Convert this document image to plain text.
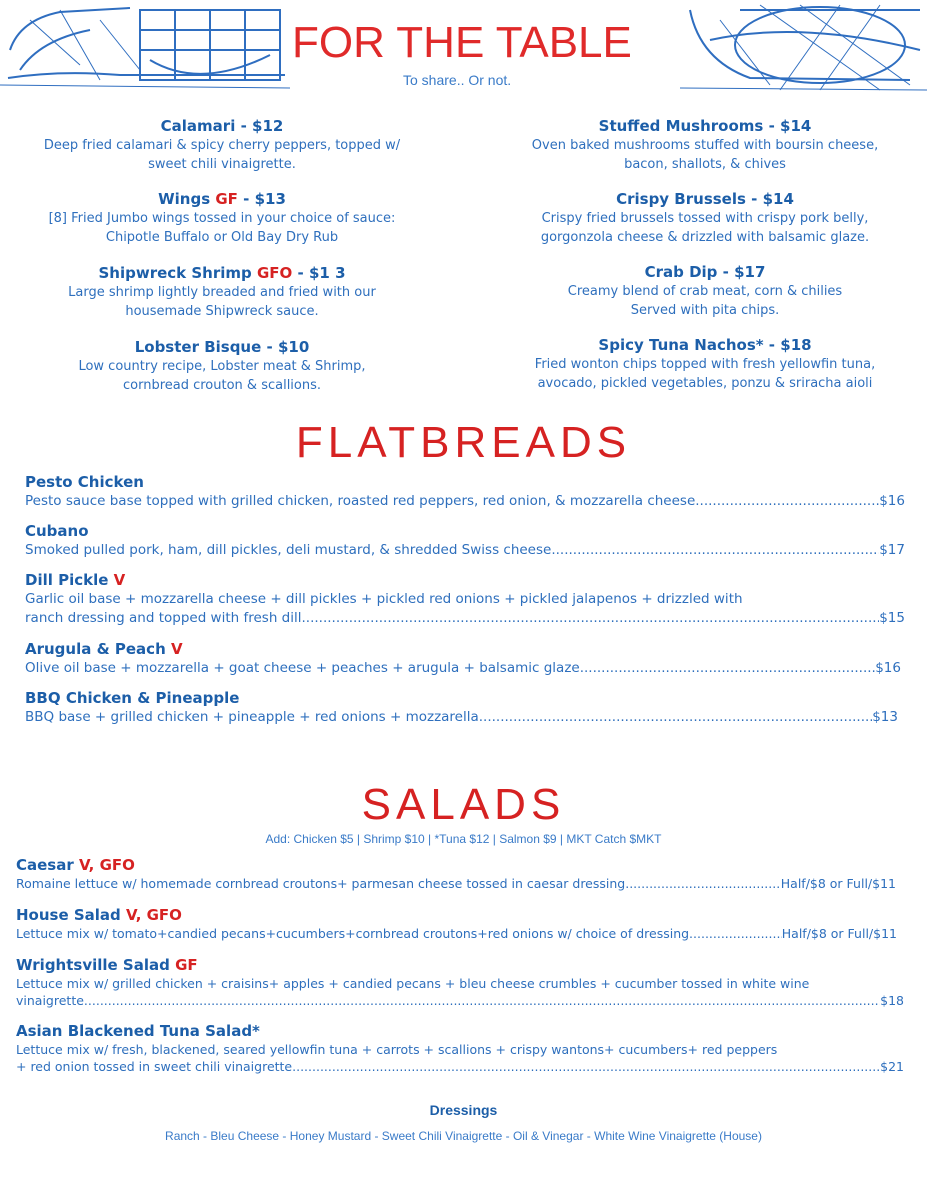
FOR THE TABLE
To share.. Or not.
Calamari - $12
Deep fried calamari & spicy cherry peppers, topped w/
sweet chili vinaigrette.
Wings GF - $13
[8] Fried Jumbo wings tossed in your choice of sauce:
Chipotle Buffalo or Old Bay Dry Rub
Shipwreck Shrimp GFO - $1 3
Large shrimp lightly breaded and fried with our
housemade Shipwreck sauce.
Lobster Bisque - $10
Low country recipe, Lobster meat & Shrimp,
cornbread crouton & scallions.
Stuffed Mushrooms - $14
Oven baked mushrooms stuffed with boursin cheese,
bacon, shallots, & chives
Crispy Brussels - $14
Crispy fried brussels tossed with crispy pork belly,
gorgonzola cheese & drizzled with balsamic glaze.
Crab Dip - $17
Creamy blend of crab meat, corn & chilies
Served with pita chips.
Spicy Tuna Nachos* - $18
Fried wonton chips topped with fresh yellowfin tuna,
avocado, pickled vegetables, ponzu & sriracha aioli
FLATBREADS
Pesto Chicken
Pesto sauce base topped with grilled chicken, roasted red peppers, red onion, & mozzarella cheese .....	$16
Cubano
Smoked pulled pork, ham, dill pickles, deli mustard, & shredded Swiss cheese .....	$17
Dill Pickle V
Garlic oil base + mozzarella cheese + dill pickles + pickled red onions + pickled jalapenos + drizzled with
ranch dressing and topped with fresh dill .....	$15
Arugula & Peach V
Olive oil base + mozzarella + goat cheese + peaches + arugula + balsamic glaze. .....	$16
BBQ Chicken & Pineapple
BBQ base + grilled chicken + pineapple + red onions + mozzarella .....	$13
SALADS
Add: Chicken $5 | Shrimp $10 | *Tuna $12 | Salmon $9 | MKT Catch $MKT
Caesar V, GFO
Romaine lettuce w/ homemade cornbread croutons+ parmesan cheese tossed in caesar dressing .....	Half/$8 or Full/$11
House Salad V, GFO
Lettuce mix w/ tomato+candied pecans+cucumbers+cornbread croutons+red onions w/ choice of dressing .....	Half/$8 or Full/$11
Wrightsville Salad GF
Lettuce mix w/ grilled chicken + craisins+ apples + candied pecans + bleu cheese crumbles + cucumber tossed in white wine
vinaigrette .....	$18
Asian Blackened Tuna Salad*
Lettuce mix w/ fresh, blackened, seared yellowfin tuna + carrots + scallions + crispy wantons+ cucumbers+ red peppers
+ red onion tossed in sweet chili vinaigrette .....	$21
Dressings
Ranch - Bleu Cheese - Honey Mustard - Sweet Chili Vinaigrette - Oil & Vinegar - White Wine Vinaigrette (House)
